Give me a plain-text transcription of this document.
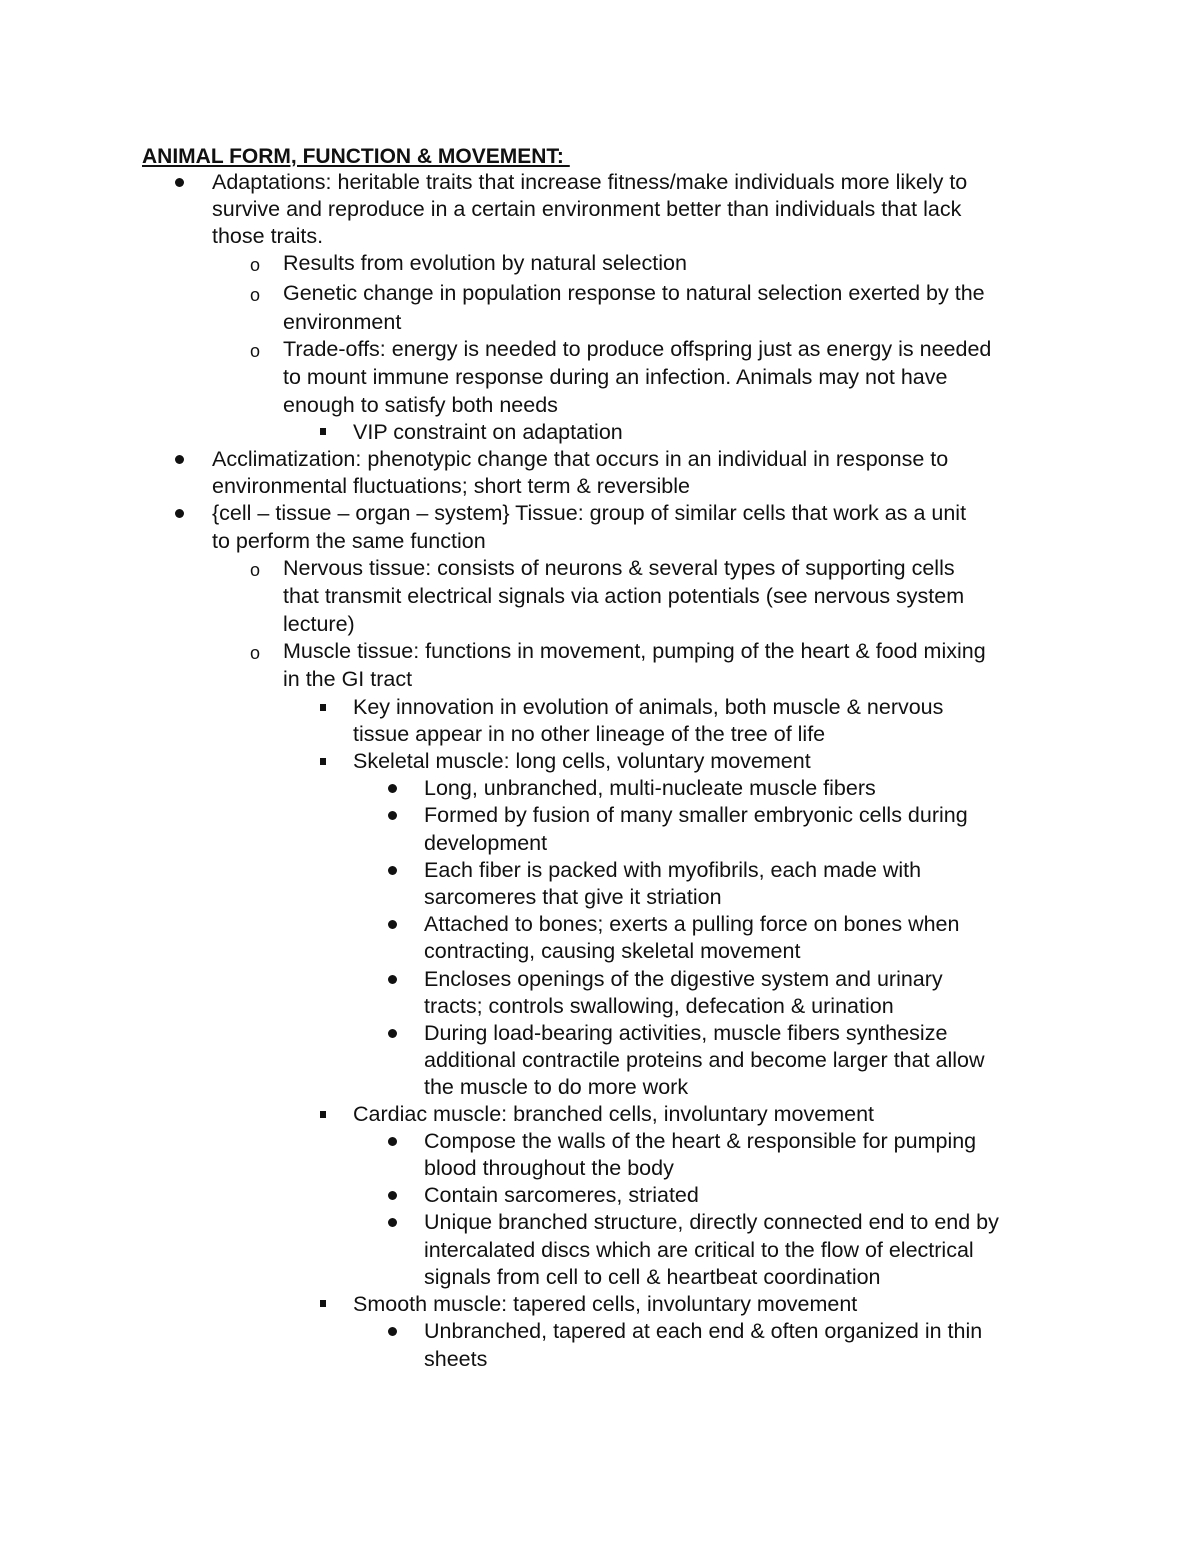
ANIMAL FORM, FUNCTION & MOVEMENT:
Adaptations: heritable traits that increase fitness/make individuals more likely to
survive and reproduce in a certain environment better than individuals that lack
those traits.
o Results from evolution by natural selection
o Genetic change in population response to natural selection exerted by the
environment
o Trade-offs: energy is needed to produce offspring just as energy is needed
to mount immune response during an infection. Animals may not have
enough to satisfy both needs
VIP constraint on adaptation
Acclimatization: phenotypic change that occurs in an individual in response to
environmental fluctuations; short term & reversible
{cell – tissue – organ – system} Tissue: group of similar cells that work as a unit
to perform the same function
o Nervous tissue: consists of neurons & several types of supporting cells
that transmit electrical signals via action potentials (see nervous system
lecture)
o Muscle tissue: functions in movement, pumping of the heart & food mixing
in the GI tract
Key innovation in evolution of animals, both muscle & nervous
tissue appear in no other lineage of the tree of life
Skeletal muscle: long cells, voluntary movement
Long, unbranched, multi-nucleate muscle fibers
Formed by fusion of many smaller embryonic cells during
development
Each fiber is packed with myofibrils, each made with
sarcomeres that give it striation
Attached to bones; exerts a pulling force on bones when
contracting, causing skeletal movement
Encloses openings of the digestive system and urinary
tracts; controls swallowing, defecation & urination
During load-bearing activities, muscle fibers synthesize
additional contractile proteins and become larger that allow
the muscle to do more work
Cardiac muscle: branched cells, involuntary movement
Compose the walls of the heart & responsible for pumping
blood throughout the body
Contain sarcomeres, striated
Unique branched structure, directly connected end to end by
intercalated discs which are critical to the flow of electrical
signals from cell to cell & heartbeat coordination
Smooth muscle: tapered cells, involuntary movement
Unbranched, tapered at each end & often organized in thin
sheets
